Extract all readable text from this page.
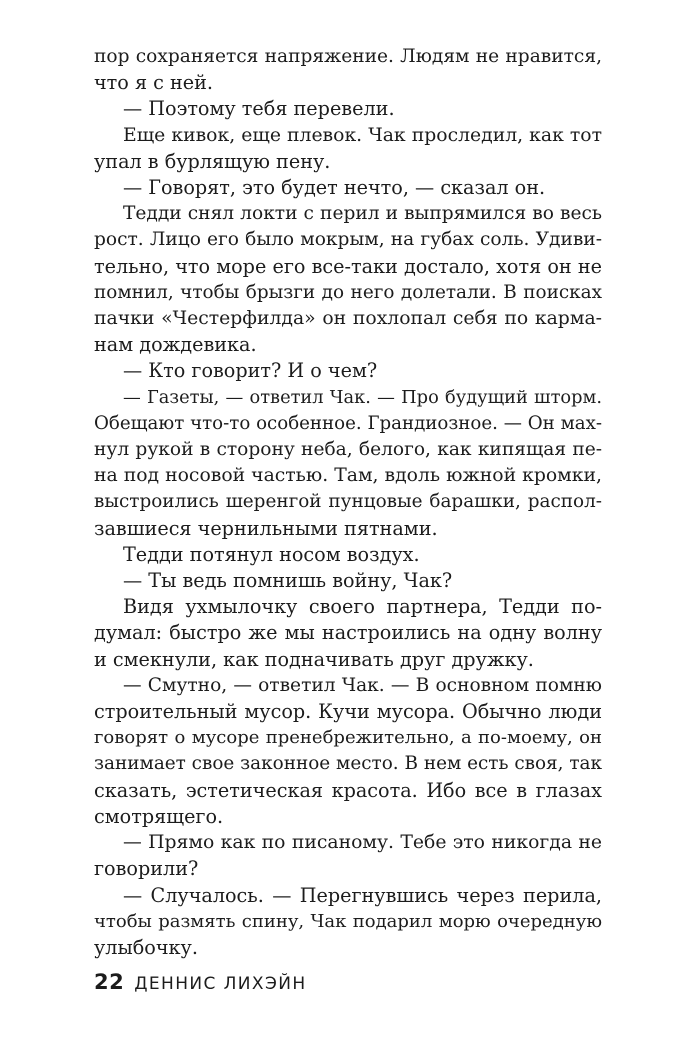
пор сохраняется напряжение. Людям не нравится,
что я с ней.
— Поэтому тебя перевели.
Еще кивок, еще плевок. Чак проследил, как тот
упал в бурлящую пену.
— Говорят, это будет нечто, — сказал он.
Тедди снял локти с перил и выпрямился во весь
рост. Лицо его было мокрым, на губах соль. Удиви-
тельно, что море его все-таки достало, хотя он не
помнил, чтобы брызги до него долетали. В поисках
пачки «Честерфилда» он похлопал себя по карма-
нам дождевика.
— Кто говорит? И о чем?
— Газеты, — ответил Чак. — Про будущий шторм.
Обещают что-то особенное. Грандиозное. — Он мах-
нул рукой в сторону неба, белого, как кипящая пе-
на под носовой частью. Там, вдоль южной кромки,
выстроились шеренгой пунцовые барашки, распол-
завшиеся чернильными пятнами.
Тедди потянул носом воздух.
— Ты ведь помнишь войну, Чак?
Видя ухмылочку своего партнера, Тедди по-
думал: быстро же мы настроились на одну волну
и смекнули, как подначивать друг дружку.
— Смутно, — ответил Чак. — В основном помню
строительный мусор. Кучи мусора. Обычно люди
говорят о мусоре пренебрежительно, а по-моему, он
занимает свое законное место. В нем есть своя, так
сказать, эстетическая красота. Ибо все в глазах
смотрящего.
— Прямо как по писаному. Тебе это никогда не
говорили?
— Случалось. — Перегнувшись через перила,
чтобы размять спину, Чак подарил морю очередную
улыбочку.
22 ДЕННИС ЛИХЭЙН
